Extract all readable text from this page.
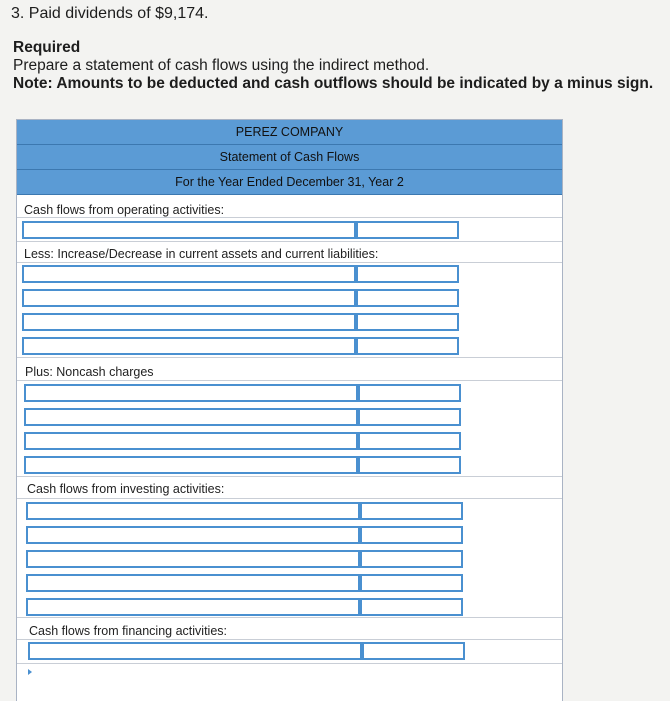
3. Paid dividends of $9,174.
Required
Prepare a statement of cash flows using the indirect method.
Note: Amounts to be deducted and cash outflows should be indicated by a minus sign.
PEREZ COMPANY
Statement of Cash Flows
For the Year Ended December 31, Year 2
Cash flows from operating activities:
Less: Increase/Decrease in current assets and current liabilities:
Plus: Noncash charges
Cash flows from investing activities:
Cash flows from financing activities:
